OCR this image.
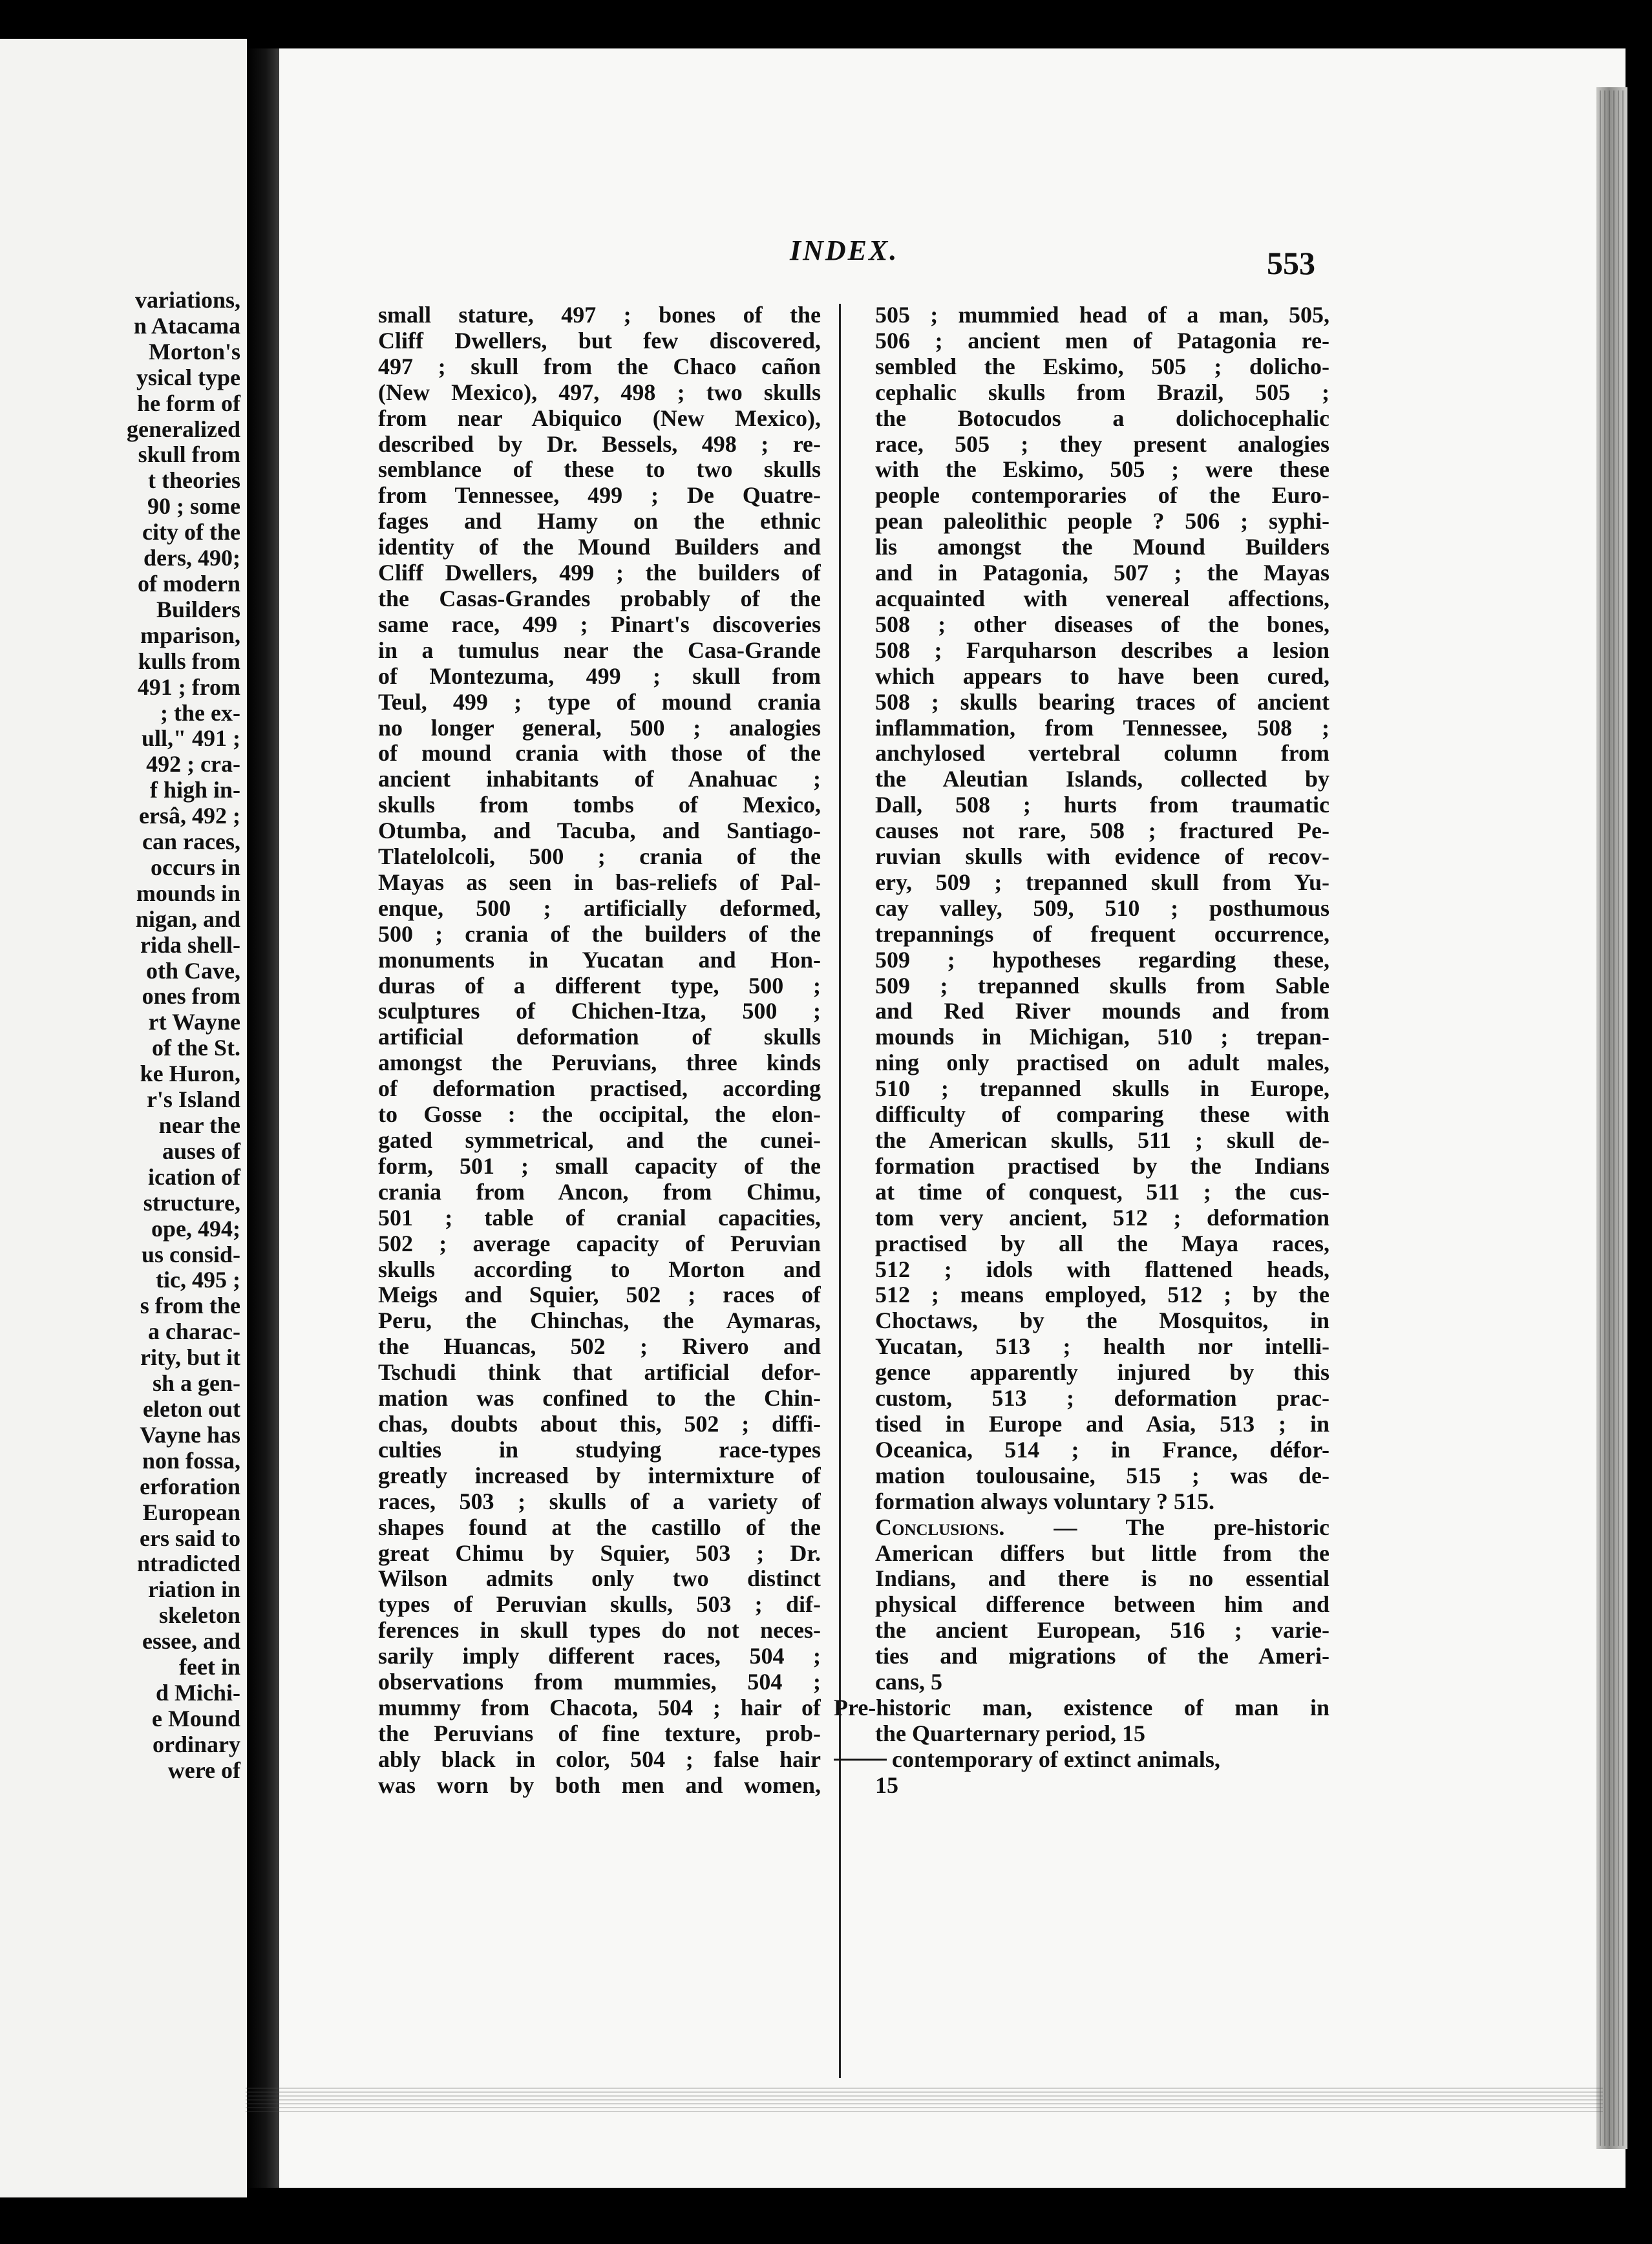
variations,
n Atacama
Morton's
ysical type
he form of
generalized
skull from
t theories
90 ; some
city of the
ders, 490;
of modern
Builders
mparison,
kulls from
491 ; from
; the ex-
ull," 491 ;
492 ; cra-
f high in-
ersâ, 492 ;
can races,
occurs in
mounds in
nigan, and
rida shell-
oth Cave,
ones from
rt Wayne
of the St.
ke Huron,
r's Island
near the
auses of
ication of
structure,
ope, 494;
us consid-
tic, 495 ;
s from the
a charac-
rity, but it
sh a gen-
eleton out
Vayne has
non fossa,
erforation
European
ers said to
ntradicted
riation in
skeleton
essee, and
feet in
d Michi-
e Mound
ordinary
were of
INDEX.	553
small stature, 497 ; bones of the
Cliff Dwellers, but few discovered,
497 ; skull from the Chaco cañon
(New Mexico), 497, 498 ; two skulls
from near Abiquico (New Mexico),
described by Dr. Bessels, 498 ; re-
semblance of these to two skulls
from Tennessee, 499 ; De Quatre-
fages and Hamy on the ethnic
identity of the Mound Builders and
Cliff Dwellers, 499 ; the builders of
the Casas-Grandes probably of the
same race, 499 ; Pinart's discoveries
in a tumulus near the Casa-Grande
of Montezuma, 499 ; skull from
Teul, 499 ; type of mound crania
no longer general, 500 ; analogies
of mound crania with those of the
ancient inhabitants of Anahuac ;
skulls from tombs of Mexico,
Otumba, and Tacuba, and Santiago-
Tlatelolcoli, 500 ; crania of the
Mayas as seen in bas-reliefs of Pal-
enque, 500 ; artificially deformed,
500 ; crania of the builders of the
monuments in Yucatan and Hon-
duras of a different type, 500 ;
sculptures of Chichen-Itza, 500 ;
artificial deformation of skulls
amongst the Peruvians, three kinds
of deformation practised, according
to Gosse : the occipital, the elon-
gated symmetrical, and the cunei-
form, 501 ; small capacity of the
crania from Ancon, from Chimu,
501 ; table of cranial capacities,
502 ; average capacity of Peruvian
skulls according to Morton and
Meigs and Squier, 502 ; races of
Peru, the Chinchas, the Aymaras,
the Huancas, 502 ; Rivero and
Tschudi think that artificial defor-
mation was confined to the Chin-
chas, doubts about this, 502 ; diffi-
culties in studying race-types
greatly increased by intermixture of
races, 503 ; skulls of a variety of
shapes found at the castillo of the
great Chimu by Squier, 503 ; Dr.
Wilson admits only two distinct
types of Peruvian skulls, 503 ; dif-
ferences in skull types do not neces-
sarily imply different races, 504 ;
observations from mummies, 504 ;
mummy from Chacota, 504 ; hair of
the Peruvians of fine texture, prob-
ably black in color, 504 ; false hair
was worn by both men and women,
505 ; mummied head of a man, 505,
506 ; ancient men of Patagonia re-
sembled the Eskimo, 505 ; dolicho-
cephalic skulls from Brazil, 505 ;
the Botocudos a dolichocephalic
race, 505 ; they present analogies
with the Eskimo, 505 ; were these
people contemporaries of the Euro-
pean paleolithic people ? 506 ; syphi-
lis amongst the Mound Builders
and in Patagonia, 507 ; the Mayas
acquainted with venereal affections,
508 ; other diseases of the bones,
508 ; Farquharson describes a lesion
which appears to have been cured,
508 ; skulls bearing traces of ancient
inflammation, from Tennessee, 508 ;
anchylosed vertebral column from
the Aleutian Islands, collected by
Dall, 508 ; hurts from traumatic
causes not rare, 508 ; fractured Pe-
ruvian skulls with evidence of recov-
ery, 509 ; trepanned skull from Yu-
cay valley, 509, 510 ; posthumous
trepannings of frequent occurrence,
509 ; hypotheses regarding these,
509 ; trepanned skulls from Sable
and Red River mounds and from
mounds in Michigan, 510 ; trepan-
ning only practised on adult males,
510 ; trepanned skulls in Europe,
difficulty of comparing these with
the American skulls, 511 ; skull de-
formation practised by the Indians
at time of conquest, 511 ; the cus-
tom very ancient, 512 ; deformation
practised by all the Maya races,
512 ; idols with flattened heads,
512 ; means employed, 512 ; by the
Choctaws, by the Mosquitos, in
Yucatan, 513 ; health nor intelli-
gence apparently injured by this
custom, 513 ; deformation prac-
tised in Europe and Asia, 513 ; in
Oceanica, 514 ; in France, défor-
mation toulousaine, 515 ; was de-
formation always voluntary ? 515.
Conclusions. — The pre-historic
American differs but little from the
Indians, and there is no essential
physical difference between him and
the ancient European, 516 ; varie-
ties and migrations of the Ameri-
cans, 5
Pre-historic man, existence of man in
the Quarternary period, 15
contemporary of extinct animals,
15
